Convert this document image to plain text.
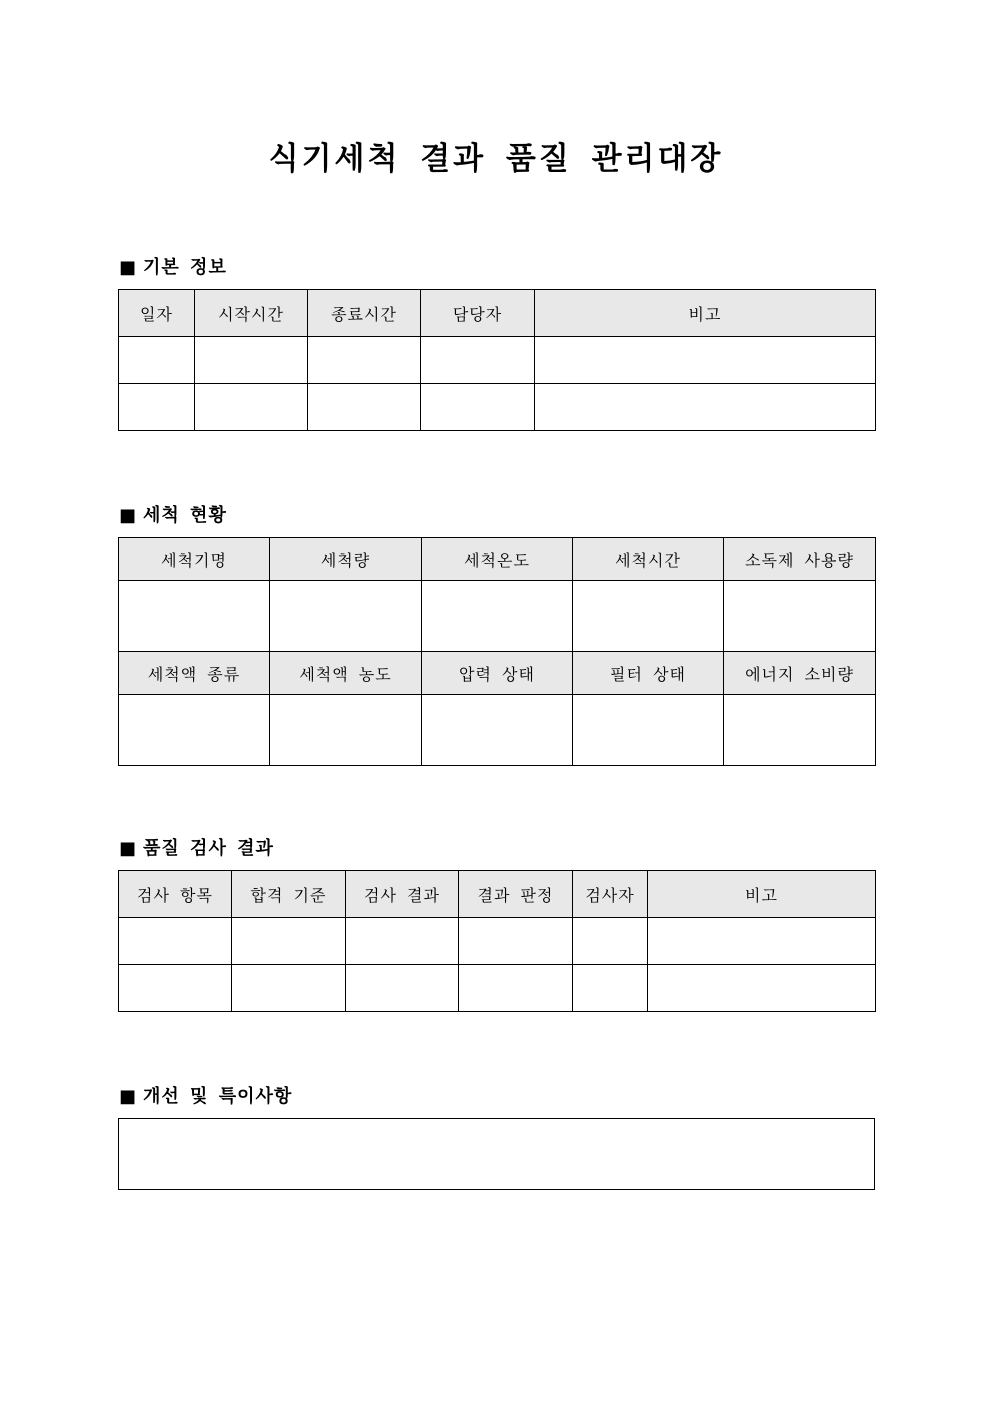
식기세척 결과 품질 관리대장
■ 기본 정보
일자	시작시간	종료시간	담당자	비고

■ 세척 현황
세척기명	세척량	세척온도	세척시간	소독제 사용량

세척액 종류	세척액 농도	압력 상태	필터 상태	에너지 소비량

■ 품질 검사 결과
검사 항목	합격 기준	검사 결과	결과 판정	검사자	비고

■ 개선 및 특이사항
